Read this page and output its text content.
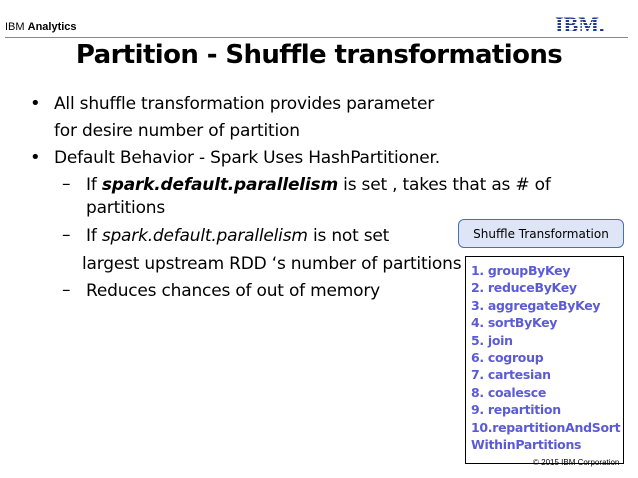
IBM Analytics	IBM.
Partition - Shuffle transformations
• All shuffle transformation provides parameter
for desire number of partition
• Default Behavior - Spark Uses HashPartitioner.
– If spark.default.parallelism is set , takes that as # of
partitions
– If spark.default.parallelism is not set
largest upstream RDD ‘s number of partitions
– Reduces chances of out of memory
Shuffle Transformation
1. groupByKey
2. reduceByKey
3. aggregateByKey
4. sortByKey
5. join
6. cogroup
7. cartesian
8. coalesce
9. repartition
10.repartitionAndSort
WithinPartitions
© 2015 IBM Corporation
